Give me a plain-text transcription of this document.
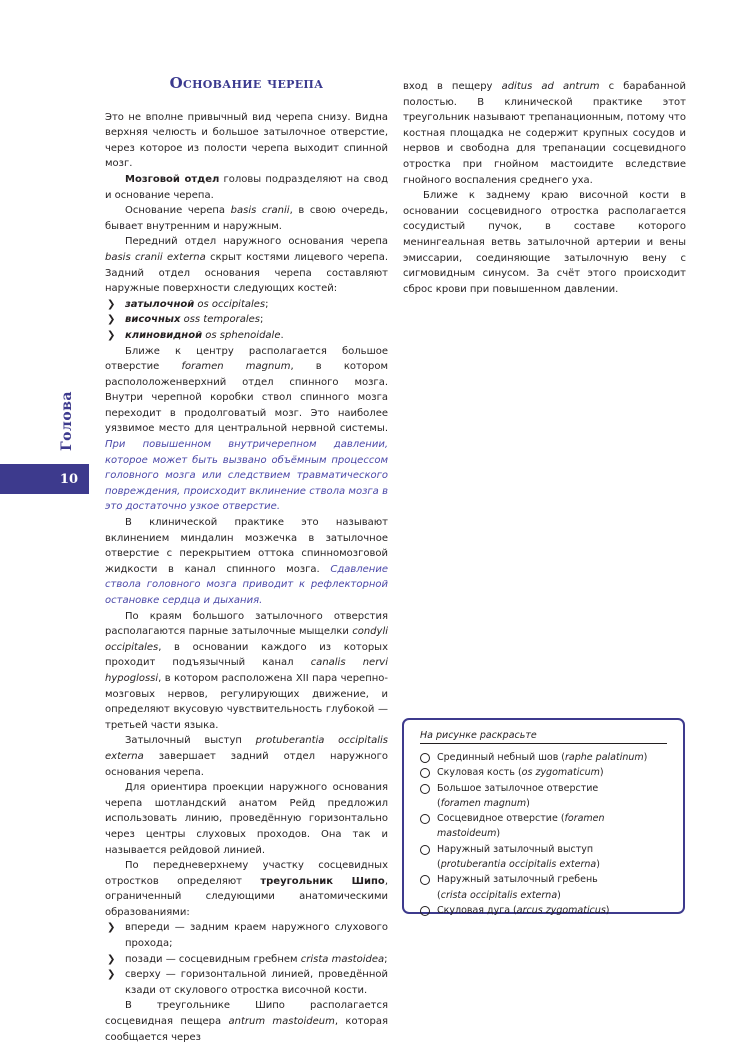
Голова
10
Основание черепа

Это не вполне привычный вид черепа снизу. Видна верхняя челюсть и большое затылочное отверстие, через которое из полости черепа выходит спинной мозг.

Мозговой отдел головы подразделяют на свод и основание черепа.

Основание черепа basis cranii, в свою очередь, бывает внутренним и наружным.

Передний отдел наружного основания черепа basis cranii externa скрыт костями лицевого черепа. Задний отдел основания черепа составляют наружные поверхности следующих костей:

❯ затылочной os occipitales;
❯ височных oss temporales;
❯ клиновидной os sphenoidale.

Ближе к центру располагается большое отверстие foramen magnum, в котором распололоженверхний отдел спинного мозга. Внутри черепной коробки ствол спинного мозга переходит в продолговатый мозг. Это наиболее уязвимое место для центральной нервной системы. При повышенном внутричерепном давлении, которое может быть вызвано объёмным процессом головного мозга или следствием травматического повреждения, происходит вклинение ствола мозга в это достаточно узкое отверстие.

В клинической практике это называют вклинением миндалин мозжечка в затылочное отверстие с перекрытием оттока спинномозговой жидкости в канал спинного мозга. Сдавление ствола головного мозга приводит к рефлекторной остановке сердца и дыхания.

По краям большого затылочного отверстия располагаются парные затылочные мыщелки condyli occipitales, в основании каждого из которых проходит подъязычный канал canalis nervi hypoglossi, в котором расположена XII пара черепно-мозговых нервов, регулирующих движение, и определяют вкусовую чувствительность глубокой — третьей части языка.

Затылочный выступ protuberantia occipitalis externa завершает задний отдел наружного основания черепа.

Для ориентира проекции наружного основания черепа шотландский анатом Рейд предложил использовать линию, проведённую горизонтально через центры слуховых проходов. Она так и называется рейдовой линией.

По передневерхнему участку сосцевидных отростков определяют треугольник Шипо, ограниченный следующими анатомическими образованиями:

❯ впереди — задним краем наружного слухового прохода;
❯ позади — сосцевидным гребнем crista mastoidea;
❯ сверху — горизонтальной линией, проведённой кзади от скулового отростка височной кости.

В треугольнике Шипо располагается сосцевидная пещера antrum mastoideum, которая сообщается через

вход в пещеру aditus ad antrum с барабанной полостью. В клинической практике этот треугольник называют трепанационным, потому что костная площадка не содержит крупных сосудов и нервов и свободна для трепанации сосцевидного отростка при гнойном мастоидите вследствие гнойного воспаления среднего уха.

Ближе к заднему краю височной кости в основании сосцевидного отростка располагается сосудистый пучок, в составе которого менингеальная ветвь затылочной артерии и вены эмиссарии, соединяющие затылочную вену с сигмовидным синусом. За счёт этого происходит сброс крови при повышенном давлении.

На рисунке раскрасьте
Срединный небный шов (raphe palatinum)
Скуловая кость (os zygomaticum)
Большое затылочное отверстие
(foramen magnum)
Сосцевидное отверстие (foramen mastoideum)
Наружный затылочный выступ
(protuberantia occipitalis externa)
Наружный затылочный гребень
(crista occipitalis externa)
Скуловая дуга (arcus zygomaticus)
